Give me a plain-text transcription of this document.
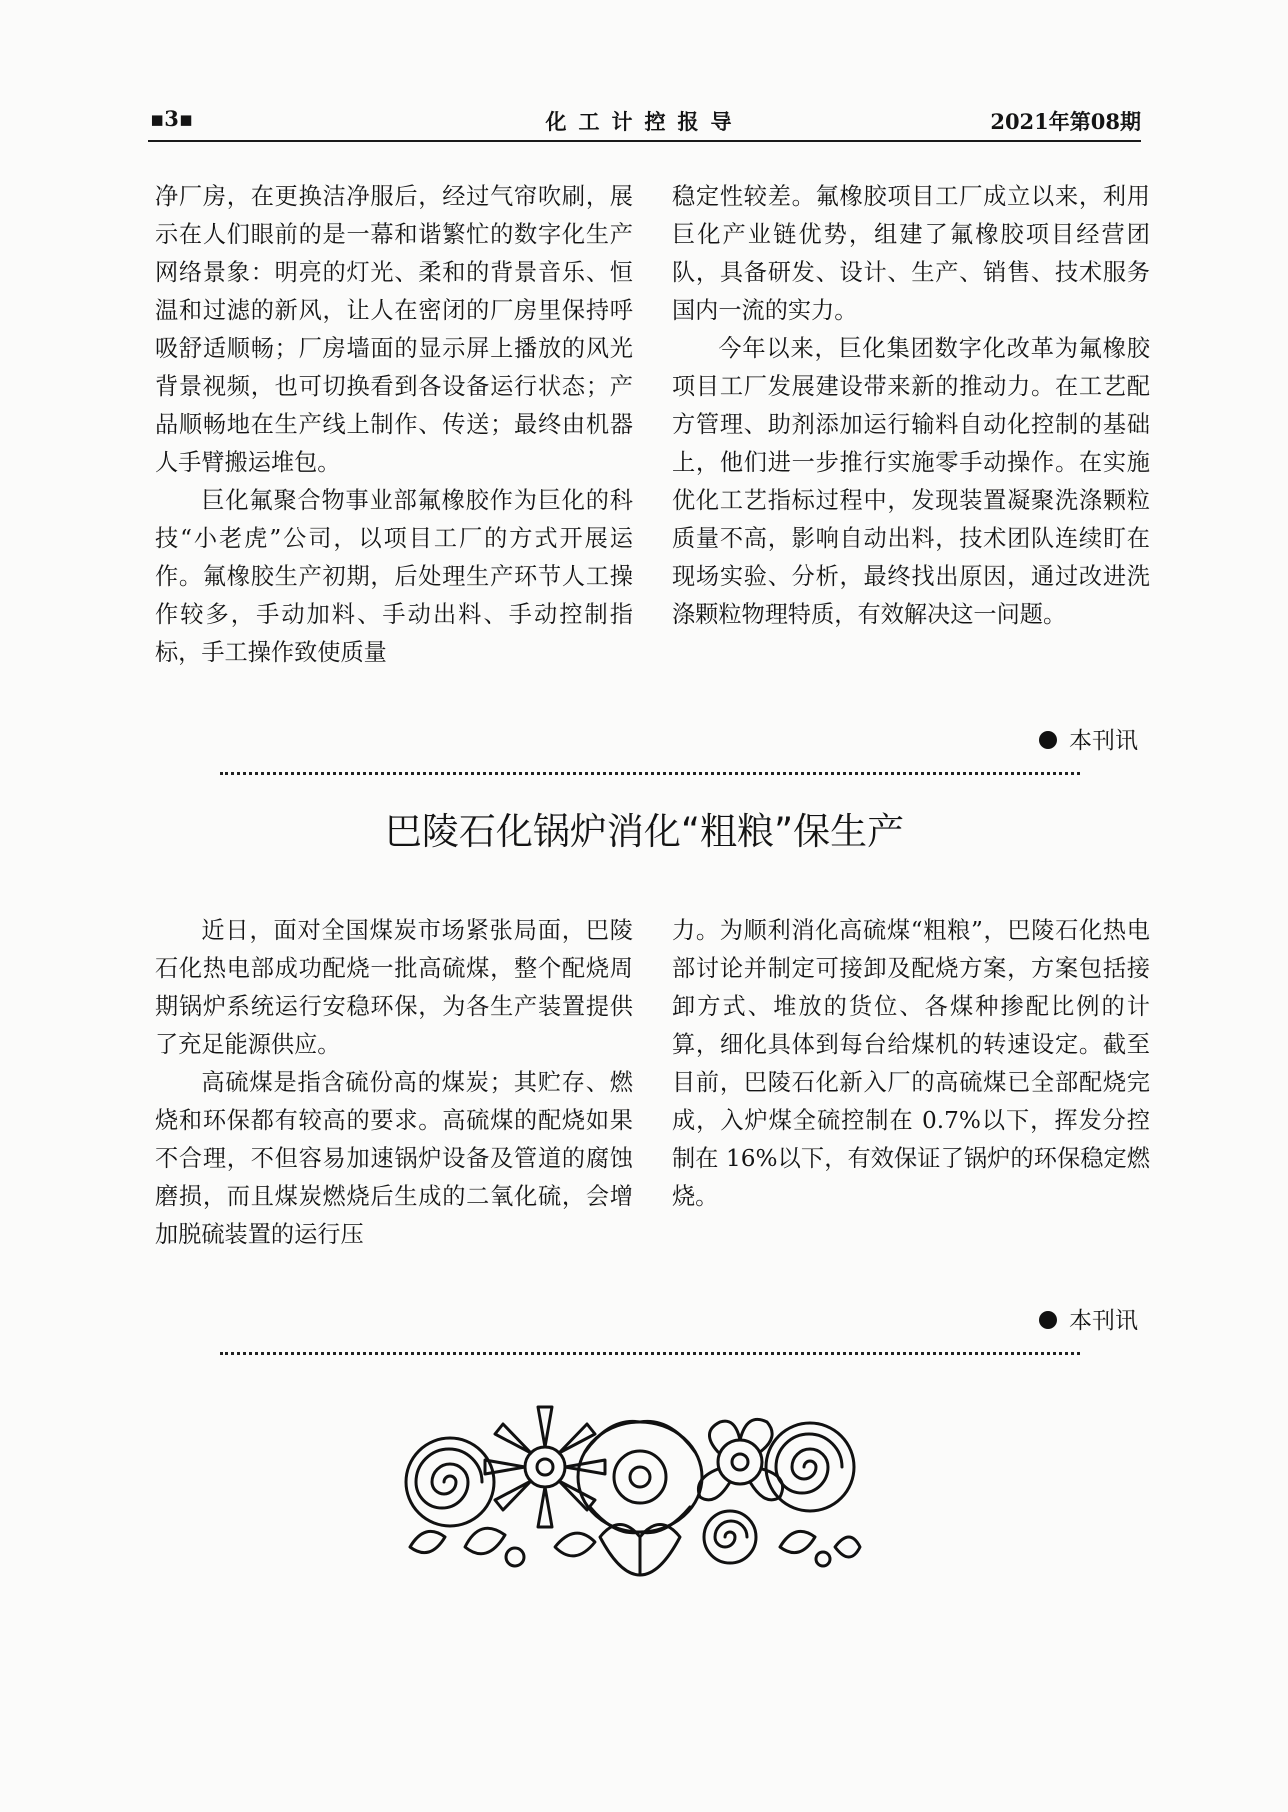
▪3▪	化工计控报导	2021年第08期

净厂房，在更换洁净服后，经过气帘吹刷，展示在人们眼前的是一幕和谐繁忙的数字化生产网络景象：明亮的灯光、柔和的背景音乐、恒温和过滤的新风，让人在密闭的厂房里保持呼吸舒适顺畅；厂房墙面的显示屏上播放的风光背景视频，也可切换看到各设备运行状态；产品顺畅地在生产线上制作、传送；最终由机器人手臂搬运堆包。

巨化氟聚合物事业部氟橡胶作为巨化的科技“小老虎”公司，以项目工厂的方式开展运作。氟橡胶生产初期，后处理生产环节人工操作较多，手动加料、手动出料、手动控制指标，手工操作致使质量

稳定性较差。氟橡胶项目工厂成立以来，利用巨化产业链优势，组建了氟橡胶项目经营团队，具备研发、设计、生产、销售、技术服务国内一流的实力。

今年以来，巨化集团数字化改革为氟橡胶项目工厂发展建设带来新的推动力。在工艺配方管理、助剂添加运行输料自动化控制的基础上，他们进一步推行实施零手动操作。在实施优化工艺指标过程中，发现装置凝聚洗涤颗粒质量不高，影响自动出料，技术团队连续盯在现场实验、分析，最终找出原因，通过改进洗涤颗粒物理特质，有效解决这一问题。

本刊讯
巴陵石化锅炉消化“粗粮”保生产

近日，面对全国煤炭市场紧张局面，巴陵石化热电部成功配烧一批高硫煤，整个配烧周期锅炉系统运行安稳环保，为各生产装置提供了充足能源供应。

高硫煤是指含硫份高的煤炭；其贮存、燃烧和环保都有较高的要求。高硫煤的配烧如果不合理，不但容易加速锅炉设备及管道的腐蚀磨损，而且煤炭燃烧后生成的二氧化硫，会增加脱硫装置的运行压

力。为顺利消化高硫煤“粗粮”，巴陵石化热电部讨论并制定可接卸及配烧方案，方案包括接卸方式、堆放的货位、各煤种掺配比例的计算，细化具体到每台给煤机的转速设定。截至目前，巴陵石化新入厂的高硫煤已全部配烧完成，入炉煤全硫控制在 0.7%以下，挥发分控制在 16%以下，有效保证了锅炉的环保稳定燃烧。

本刊讯
